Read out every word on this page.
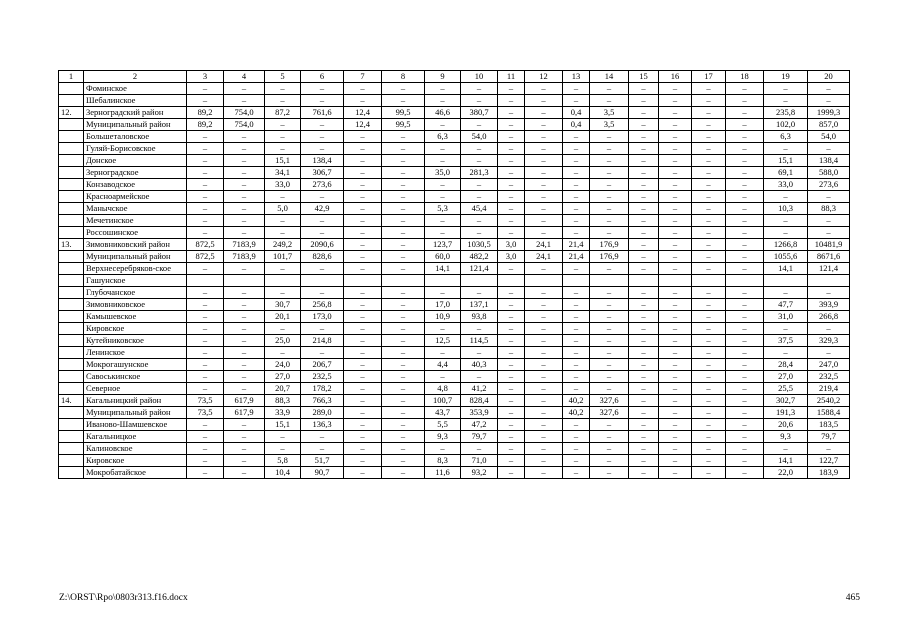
1	2	3	4	5	6	7	8	9	10	11	12	13	14	15	16	17	18	19	20
	Фоминское	–	–	–	–	–	–	–	–	–	–	–	–	–	–	–	–	–	–
	Шебалинское	–	–	–	–	–	–	–	–	–	–	–	–	–	–	–	–	–	–
12.	Зерноградский район	89,2	754,0	87,2	761,6	12,4	99,5	46,6	380,7	–	–	0,4	3,5	–	–	–	–	235,8	1999,3
	Муниципальный район	89,2	754,0	–	–	12,4	99,5	–	–	–	–	0,4	3,5	–	–	–	–	102,0	857,0
	Большеталовское	–	–	–	–	–	–	6,3	54,0	–	–	–	–	–	–	–	–	6,3	54,0
	Гуляй-Борисовское	–	–	–	–	–	–	–	–	–	–	–	–	–	–	–	–	–	–
	Донское	–	–	15,1	138,4	–	–	–	–	–	–	–	–	–	–	–	–	15,1	138,4
	Зерноградское	–	–	34,1	306,7	–	–	35,0	281,3	–	–	–	–	–	–	–	–	69,1	588,0
	Конзаводское	–	–	33,0	273,6	–	–	–	–	–	–	–	–	–	–	–	–	33,0	273,6
	Красноармейское	–	–	–	–	–	–	–	–	–	–	–	–	–	–	–	–	–	–
	Манычское	–	–	5,0	42,9	–	–	5,3	45,4	–	–	–	–	–	–	–	–	10,3	88,3
	Мечетинское	–	–	–	–	–	–	–	–	–	–	–	–	–	–	–	–	–	–
	Россошинское	–	–	–	–	–	–	–	–	–	–	–	–	–	–	–	–	–	–
13.	Зимовниковский район	872,5	7183,9	249,2	2090,6	–	–	123,7	1030,5	3,0	24,1	21,4	176,9	–	–	–	–	1266,8	10481,9
	Муниципальный район	872,5	7183,9	101,7	828,6	–	–	60,0	482,2	3,0	24,1	21,4	176,9	–	–	–	–	1055,6	8671,6
	Верхнесеребряков-ское	–	–	–	–	–	–	14,1	121,4	–	–	–	–	–	–	–	–	14,1	121,4
	Гашунское																		
	Глубочанское	–	–	–	–	–	–	–	–	–	–	–	–	–	–	–	–	–	–
	Зимовниковское	–	–	30,7	256,8	–	–	17,0	137,1	–	–	–	–	–	–	–	–	47,7	393,9
	Камышевское	–	–	20,1	173,0	–	–	10,9	93,8	–	–	–	–	–	–	–	–	31,0	266,8
	Кировское	–	–	–	–	–	–	–	–	–	–	–	–	–	–	–	–	–	–
	Кутейниковское	–	–	25,0	214,8	–	–	12,5	114,5	–	–	–	–	–	–	–	–	37,5	329,3
	Ленинское	–	–	–	–	–	–	–	–	–	–	–	–	–	–	–	–	–	–
	Мокрогашунское	–	–	24,0	206,7	–	–	4,4	40,3	–	–	–	–	–	–	–	–	28,4	247,0
	Савоськинское	–	–	27,0	232,5	–	–	–	–	–	–	–	–	–	–	–	–	27,0	232,5
	Северное	–	–	20,7	178,2	–	–	4,8	41,2	–	–	–	–	–	–	–	–	25,5	219,4
14.	Кагальницкий район	73,5	617,9	88,3	766,3	–	–	100,7	828,4	–	–	40,2	327,6	–	–	–	–	302,7	2540,2
	Муниципальный район	73,5	617,9	33,9	289,0	–	–	43,7	353,9	–	–	40,2	327,6	–	–	–	–	191,3	1588,4
	Иваново-Шамшевское	–	–	15,1	136,3	–	–	5,5	47,2	–	–	–	–	–	–	–	–	20,6	183,5
	Кагальницкое	–	–	–	–	–	–	9,3	79,7	–	–	–	–	–	–	–	–	9,3	79,7
	Калиновское	–	–	–	–	–	–	–	–	–	–	–	–	–	–	–	–	–	–
	Кировское	–	–	5,8	51,7	–	–	8,3	71,0	–	–	–	–	–	–	–	–	14,1	122,7
	Мокробатайское	–	–	10,4	90,7	–	–	11,6	93,2	–	–	–	–	–	–	–	–	22,0	183,9
Z:\ORST\Rpo\0803r313.f16.docx	465
